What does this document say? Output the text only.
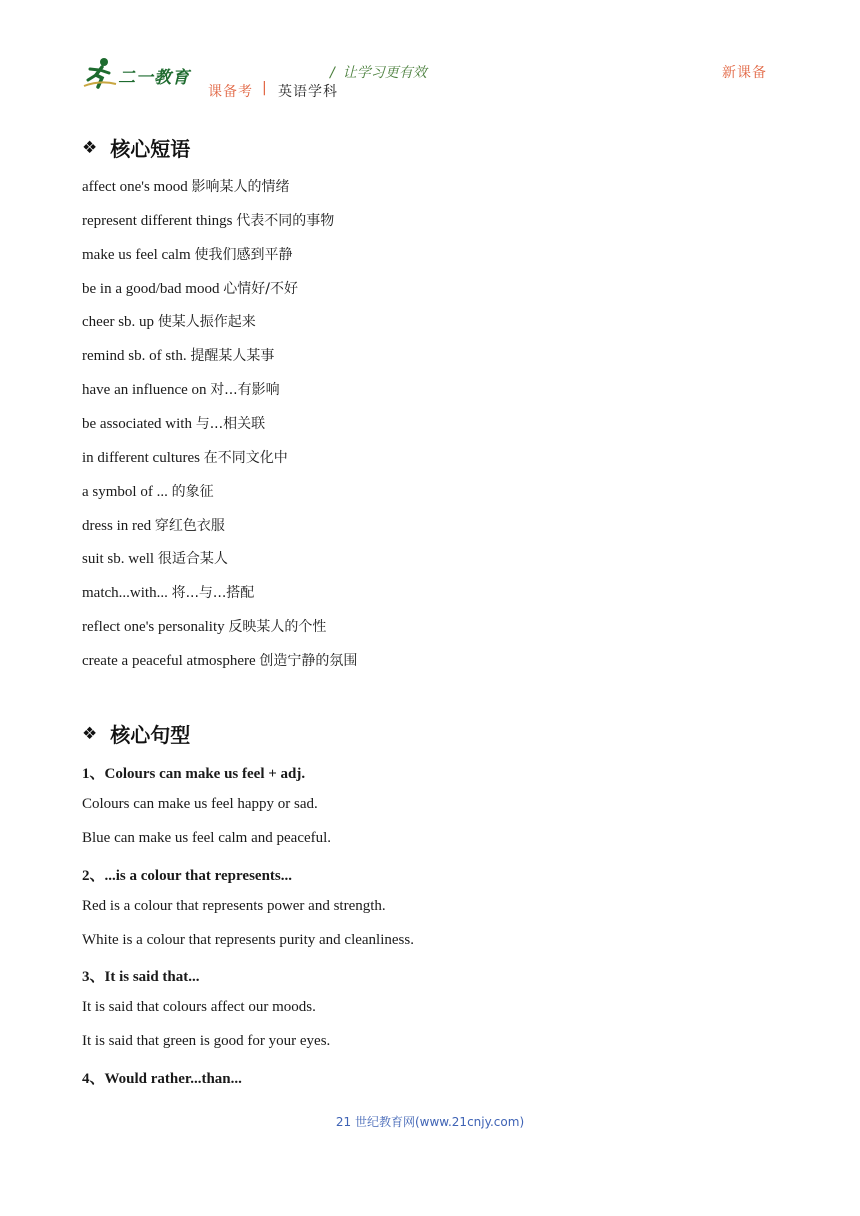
二一教育	/ 让学习更有效
课备考 | 英语学科
新课备
❖ 核心短语
affect one's mood 影响某人的情绪
represent different things 代表不同的事物
make us feel calm 使我们感到平静
be in a good/bad mood 心情好/不好
cheer sb. up 使某人振作起来
remind sb. of sth. 提醒某人某事
have an influence on 对...有影响
be associated with 与...相关联
in different cultures 在不同文化中
a symbol of ... 的象征
dress in red 穿红色衣服
suit sb. well 很适合某人
match...with... 将...与...搭配
reflect one's personality 反映某人的个性
create a peaceful atmosphere 创造宁静的氛围
❖ 核心句型
1、Colours can make us feel + adj.
Colours can make us feel happy or sad.
Blue can make us feel calm and peaceful.
2、...is a colour that represents...
Red is a colour that represents power and strength.
White is a colour that represents purity and cleanliness.
3、It is said that...
It is said that colours affect our moods.
It is said that green is good for your eyes.
4、Would rather...than...
21 世纪教育网(www.21cnjy.com)
